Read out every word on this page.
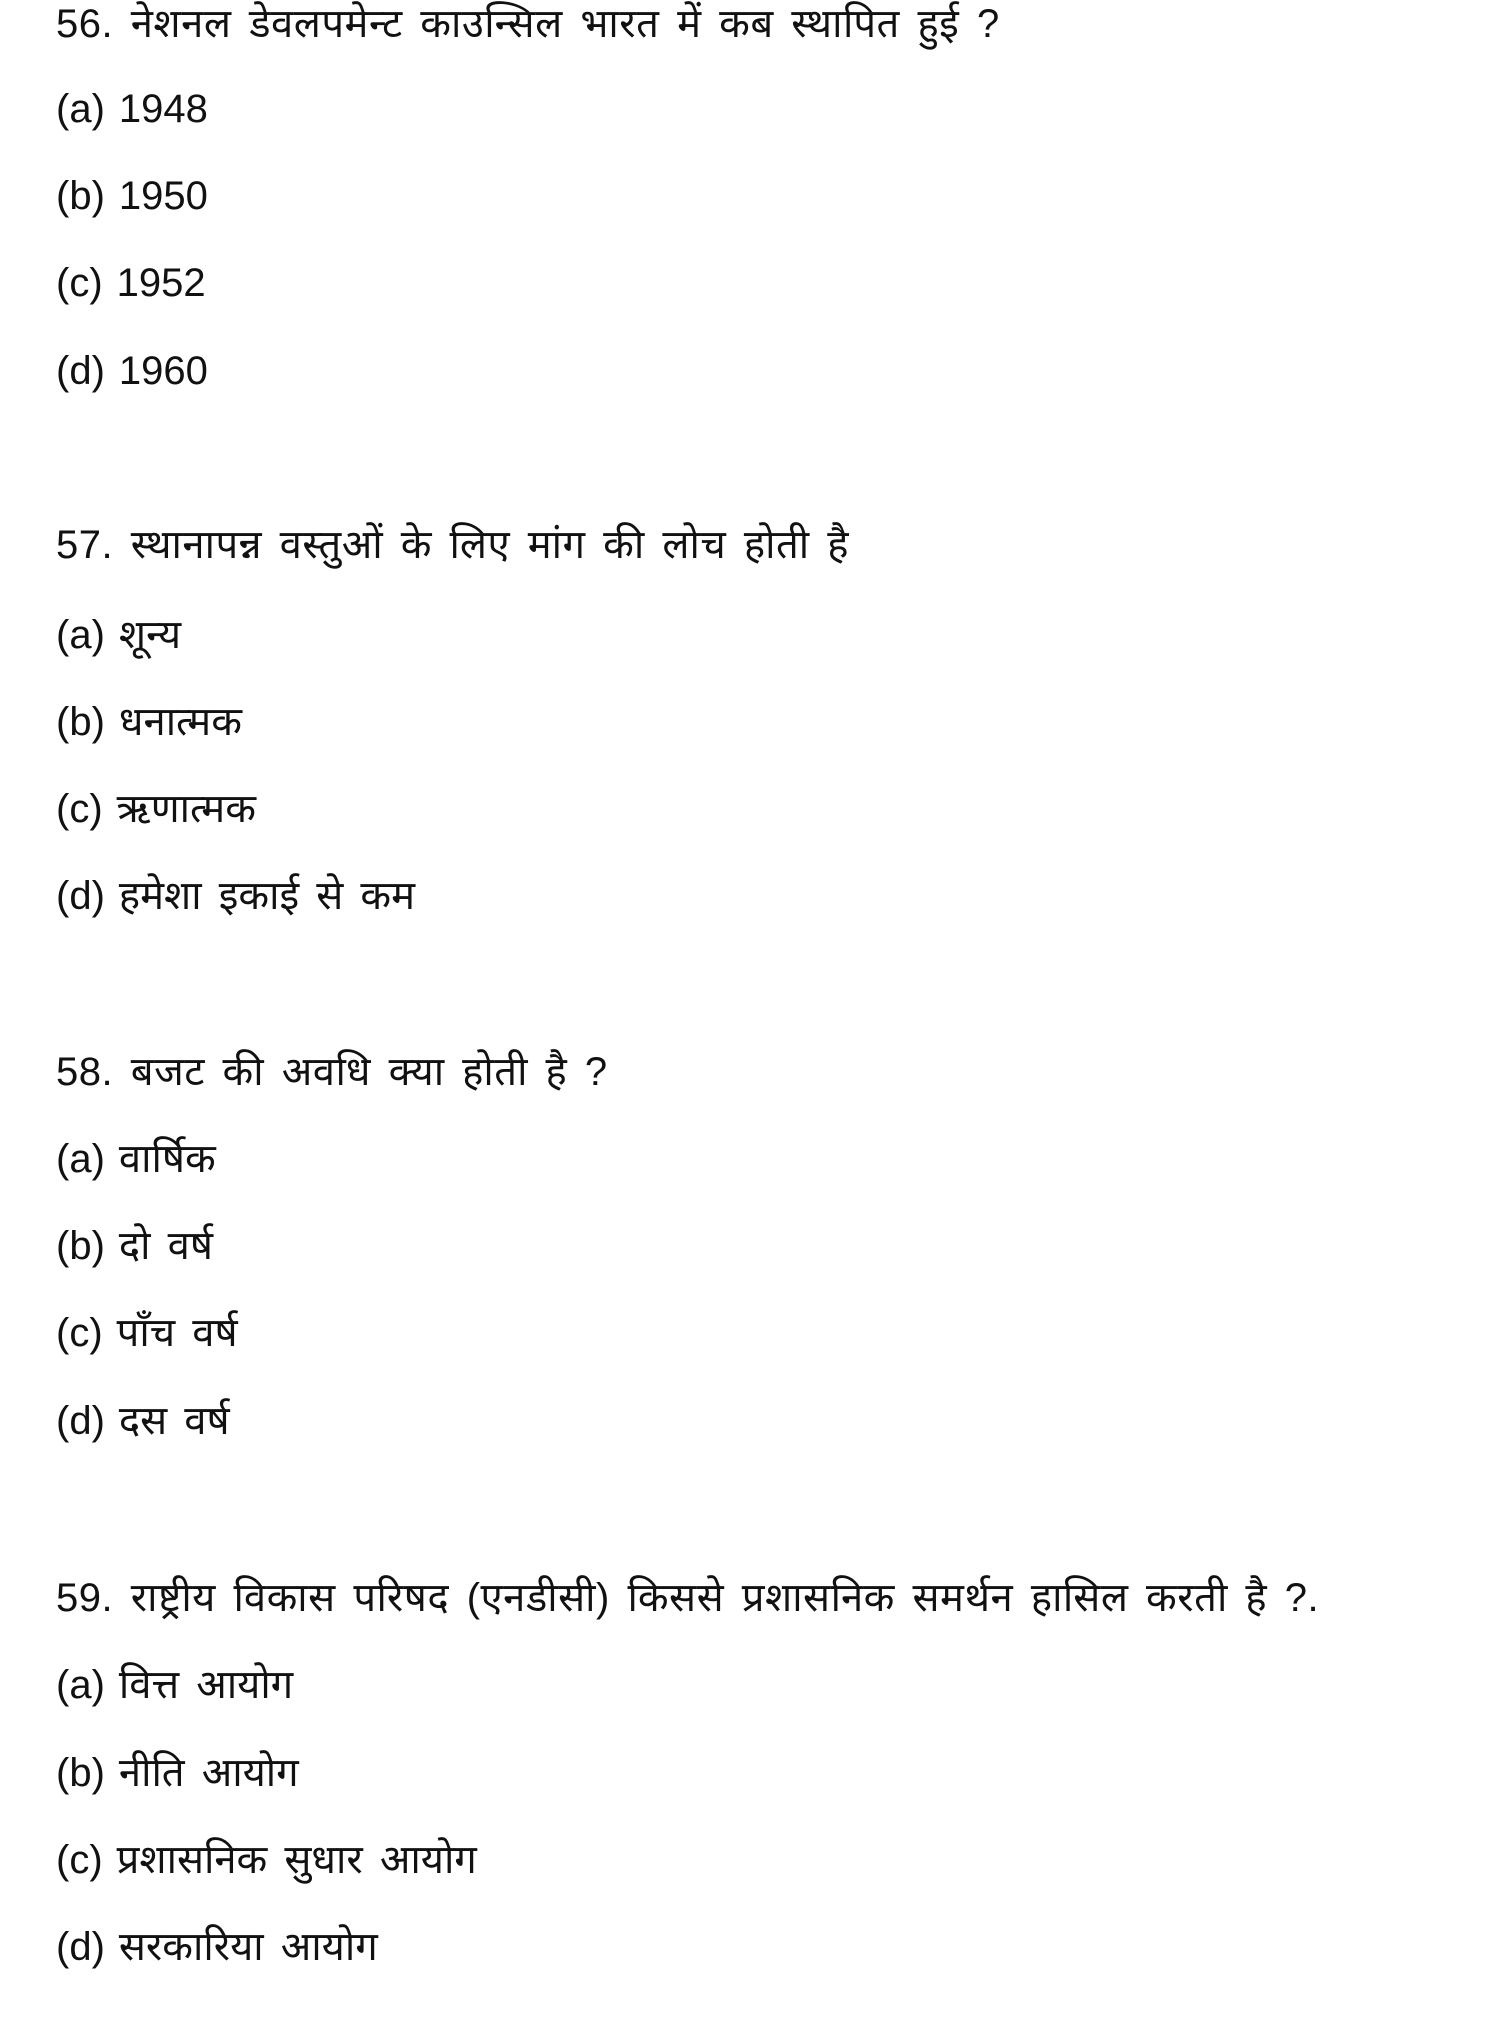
56. नेशनल डेवलपमेन्ट काउन्सिल भारत में कब स्थापित हुई ?
(a) 1948
(b) 1950
(c) 1952
(d) 1960
57. स्थानापन्न वस्तुओं के लिए मांग की लोच होती है
(a) शून्य
(b) धनात्मक
(c) ऋणात्मक
(d) हमेशा इकाई से कम
58. बजट की अवधि क्या होती है ?
(a) वार्षिक
(b) दो वर्ष
(c) पाँच वर्ष
(d) दस वर्ष
59. राष्ट्रीय विकास परिषद (एनडीसी) किससे प्रशासनिक समर्थन हासिल करती है ?.
(a) वित्त आयोग
(b) नीति आयोग
(c) प्रशासनिक सुधार आयोग
(d) सरकारिया आयोग
